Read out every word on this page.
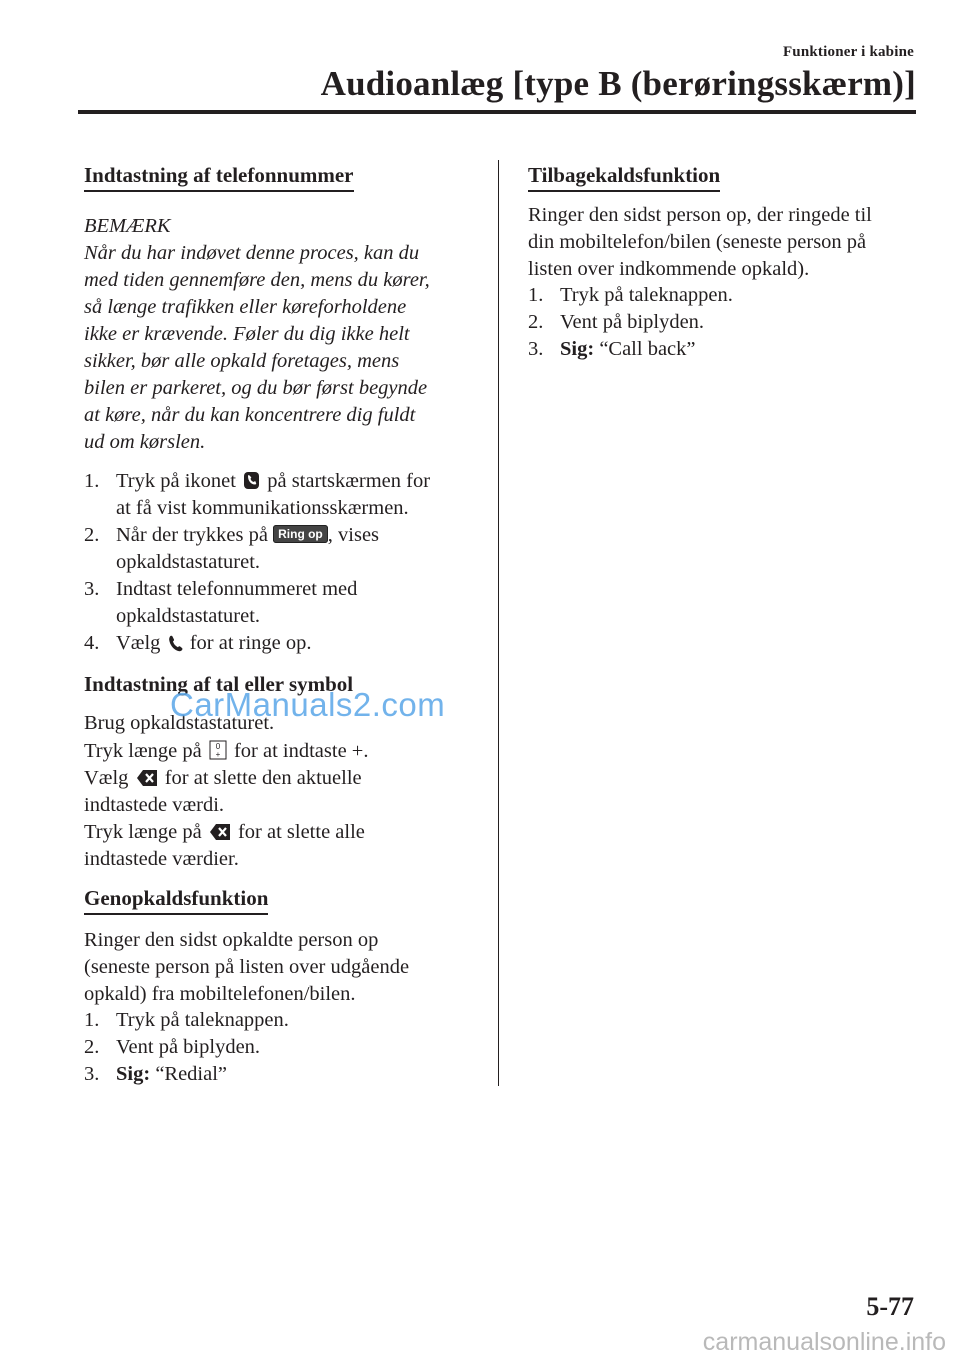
Funktioner i kabine
Audioanlæg [type B (berøringsskærm)]
Indtastning af telefonnummer
BEMÆRK
Når du har indøvet denne proces, kan du
med tiden gennemføre den, mens du kører,
så længe trafikken eller køreforholdene
ikke er krævende. Føler du dig ikke helt
sikker, bør alle opkald foretages, mens
bilen er parkeret, og du bør først begynde
at køre, når du kan koncentrere dig fuldt
ud om kørslen.
1. Tryk på ikonet på startskærmen for
at få vist kommunikationsskærmen.
2. Når der trykkes på Ring op , vises
opkaldstastaturet.
3. Indtast telefonnummeret med
opkaldstastaturet.
4. Vælg for at ringe op.
Indtastning af tal eller symbol
Brug opkaldstastaturet.
Tryk længe på 0
+ for at indtaste +.
Vælg for at slette den aktuelle
indtastede værdi.
Tryk længe på for at slette alle
indtastede værdier.
Genopkaldsfunktion
Ringer den sidst opkaldte person op
(seneste person på listen over udgående
opkald) fra mobiltelefonen/bilen.
1. Tryk på taleknappen.
2. Vent på biplyden.
3. Sig: “Redial”
Tilbagekaldsfunktion
Ringer den sidst person op, der ringede til
din mobiltelefon/bilen (seneste person på
listen over indkommende opkald).
1. Tryk på taleknappen.
2. Vent på biplyden.
3. Sig: “Call back”
CarManuals2.com
5-77
carmanualsonline.info
